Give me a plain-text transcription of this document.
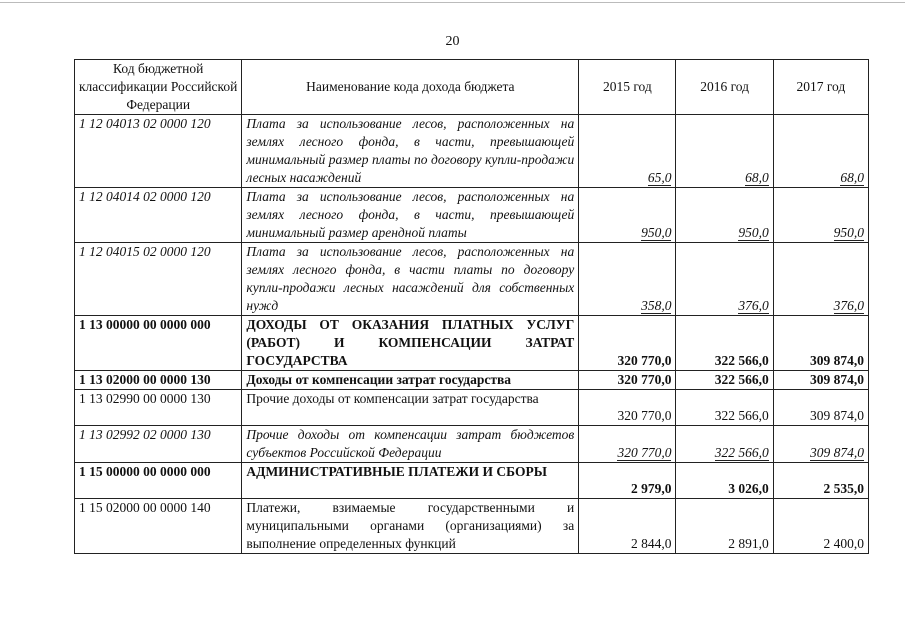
20
Код бюджетной классификации Российской Федерации	Наименование кода дохода бюджета	2015 год	2016 год	2017 год
1 12 04013 02 0000 120	Плата за использование лесов, расположенных на землях лесного фонда, в части, превышающей минимальный размер платы по договору купли-продажи лесных насаждений	65,0	68,0	68,0
1 12 04014 02 0000 120	Плата за использование лесов, расположенных на землях лесного фонда, в части, превышающей минимальный размер арендной платы	950,0	950,0	950,0
1 12 04015 02 0000 120	Плата за использование лесов, расположенных на землях лесного фонда, в части платы по договору купли-продажи лесных насаждений для собственных нужд	358,0	376,0	376,0
1 13 00000 00 0000 000	ДОХОДЫ ОТ ОКАЗАНИЯ ПЛАТНЫХ УСЛУГ (РАБОТ) И КОМПЕНСАЦИИ ЗАТРАТ ГОСУДАРСТВА	320 770,0	322 566,0	309 874,0
1 13 02000 00 0000 130	Доходы от компенсации затрат государства	320 770,0	322 566,0	309 874,0
1 13 02990 00 0000 130	Прочие доходы от компенсации затрат государства	320 770,0	322 566,0	309 874,0
1 13 02992 02 0000 130	Прочие доходы от компенсации затрат бюджетов субъектов Российской Федерации	320 770,0	322 566,0	309 874,0
1 15 00000 00 0000 000	АДМИНИСТРАТИВНЫЕ ПЛАТЕЖИ И СБОРЫ	2 979,0	3 026,0	2 535,0
1 15 02000 00 0000 140	Платежи, взимаемые государственными и муниципальными органами (организациями) за выполнение определенных функций	2 844,0	2 891,0	2 400,0
